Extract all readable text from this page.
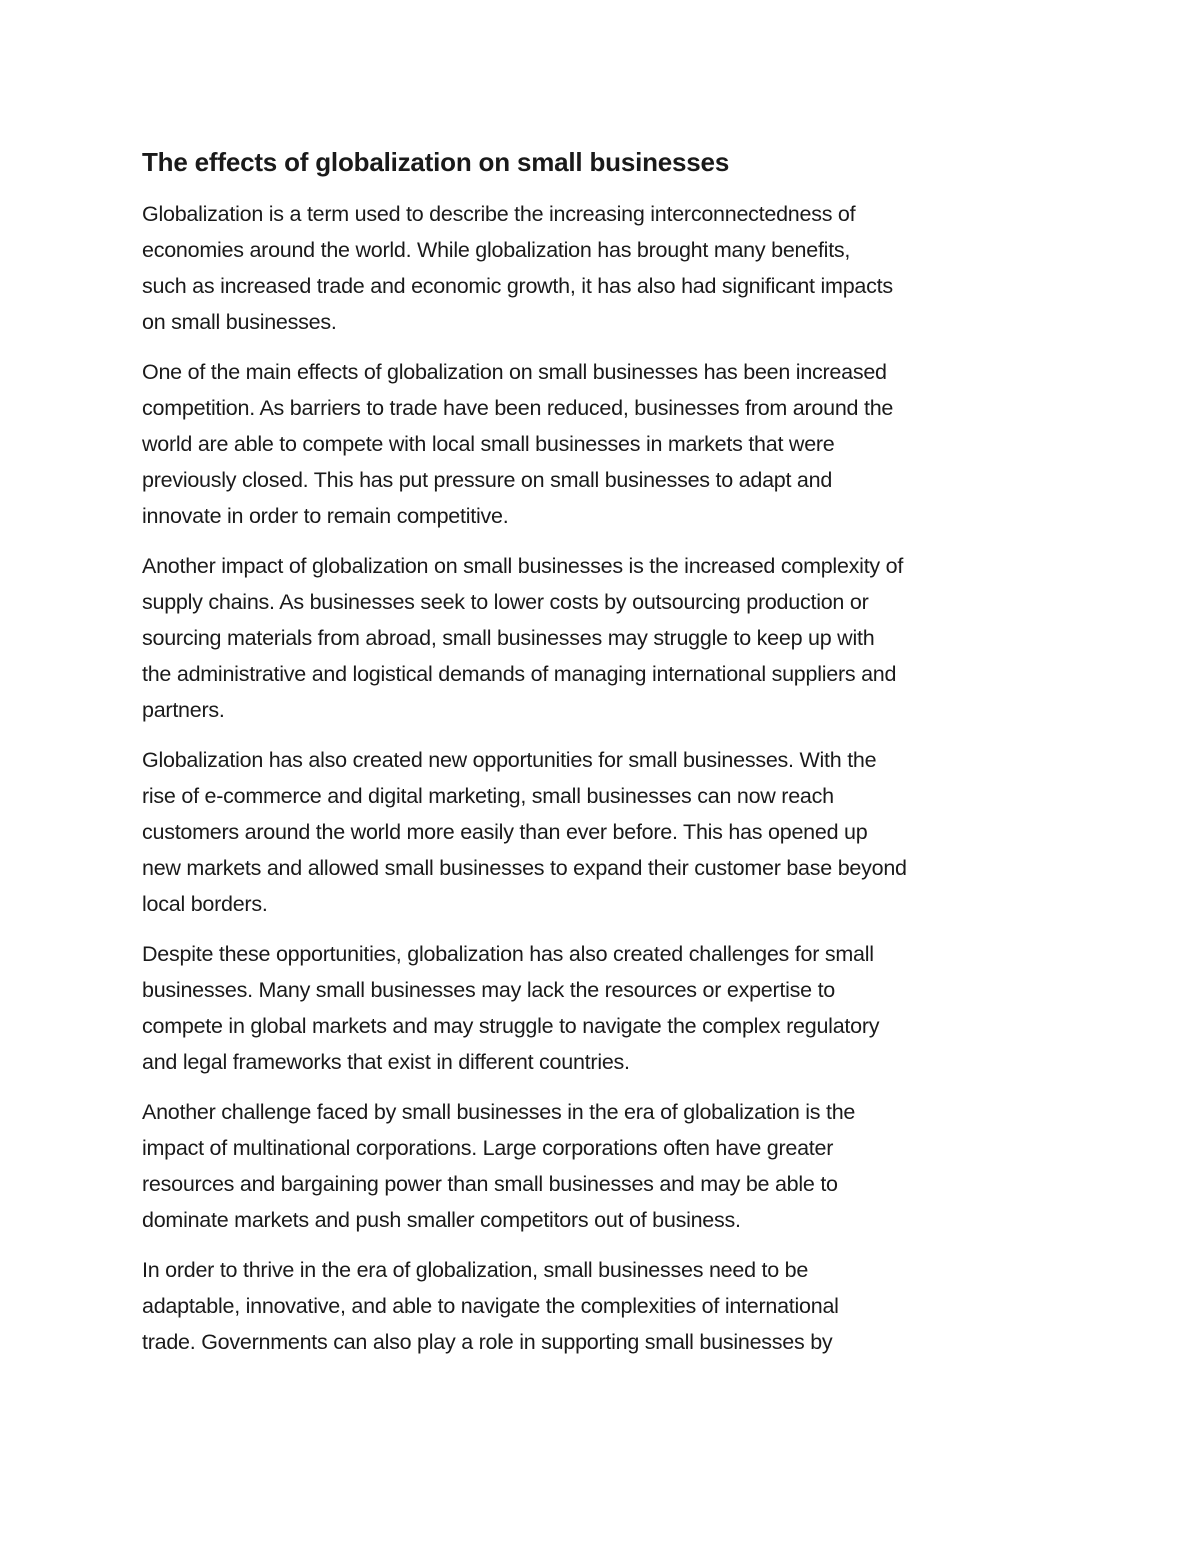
The effects of globalization on small businesses

Globalization is a term used to describe the increasing interconnectedness of
economies around the world. While globalization has brought many benefits,
such as increased trade and economic growth, it has also had significant impacts
on small businesses.

One of the main effects of globalization on small businesses has been increased
competition. As barriers to trade have been reduced, businesses from around the
world are able to compete with local small businesses in markets that were
previously closed. This has put pressure on small businesses to adapt and
innovate in order to remain competitive.

Another impact of globalization on small businesses is the increased complexity of
supply chains. As businesses seek to lower costs by outsourcing production or
sourcing materials from abroad, small businesses may struggle to keep up with
the administrative and logistical demands of managing international suppliers and
partners.

Globalization has also created new opportunities for small businesses. With the
rise of e-commerce and digital marketing, small businesses can now reach
customers around the world more easily than ever before. This has opened up
new markets and allowed small businesses to expand their customer base beyond
local borders.

Despite these opportunities, globalization has also created challenges for small
businesses. Many small businesses may lack the resources or expertise to
compete in global markets and may struggle to navigate the complex regulatory
and legal frameworks that exist in different countries.

Another challenge faced by small businesses in the era of globalization is the
impact of multinational corporations. Large corporations often have greater
resources and bargaining power than small businesses and may be able to
dominate markets and push smaller competitors out of business.

In order to thrive in the era of globalization, small businesses need to be
adaptable, innovative, and able to navigate the complexities of international
trade. Governments can also play a role in supporting small businesses by
